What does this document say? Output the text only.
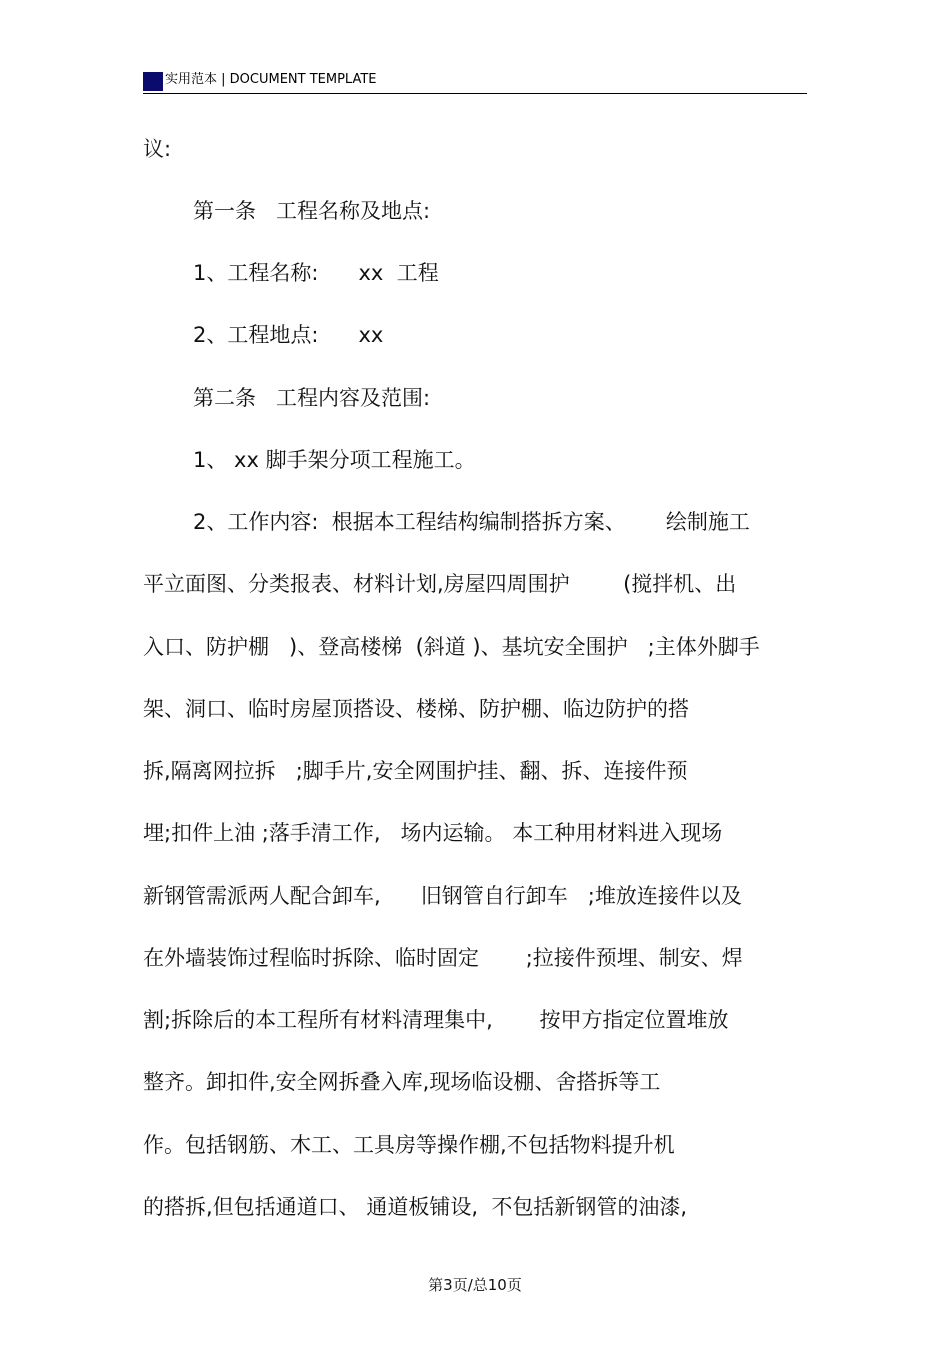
实用范本 | DOCUMENT TEMPLATE
议:
第一条   工程名称及地点:
1、工程名称:      xx  工程
2、工程地点:      xx
第二条   工程内容及范围:
1、 xx 脚手架分项工程施工。
2、工作内容:  根据本工程结构编制搭拆方案、      绘制施工
平立面图、分类报表、材料计划,房屋四周围护        (搅拌机、出
入口、防护棚   )、登高楼梯  (斜道 )、基坑安全围护   ;主体外脚手
架、洞口、临时房屋顶搭设、楼梯、防护棚、临边防护的搭
拆,隔离网拉拆   ;脚手片,安全网围护挂、翻、拆、连接件预
埋;扣件上油 ;落手清工作,   场内运输。 本工种用材料进入现场
新钢管需派两人配合卸车,      旧钢管自行卸车   ;堆放连接件以及
在外墙装饰过程临时拆除、临时固定       ;拉接件预埋、制安、焊
割;拆除后的本工程所有材料清理集中,       按甲方指定位置堆放
整齐。卸扣件,安全网拆叠入库,现场临设棚、舍搭拆等工
作。包括钢筋、木工、工具房等操作棚,不包括物料提升机
的搭拆,但包括通道口、 通道板铺设,  不包括新钢管的油漆,
第3页/总10页
